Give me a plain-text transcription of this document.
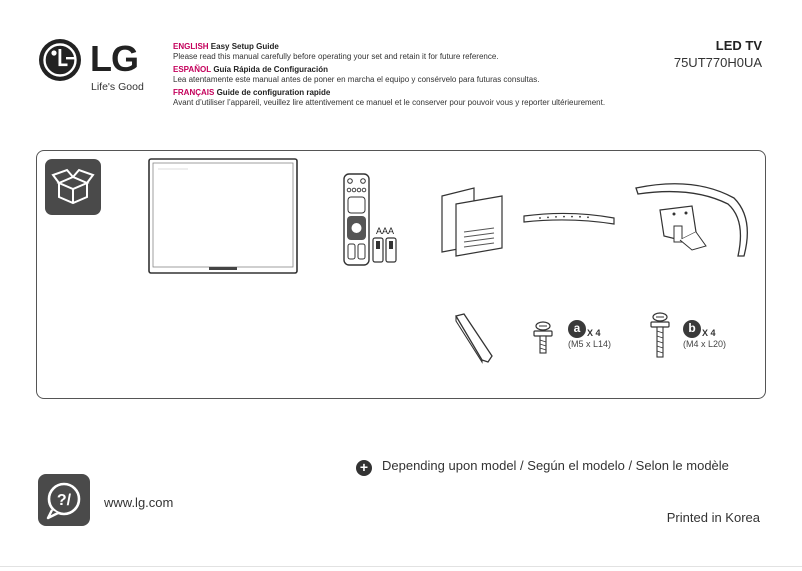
LG
Life's Good
ENGLISH Easy Setup Guide
Please read this manual carefully before operating your set and retain it for future reference.
ESPAÑOL Guía Rápida de Configuración
Lea atentamente este manual antes de poner en marcha el equipo y consérvelo para futuras consultas.
FRANÇAIS Guide de configuration rapide
Avant d’utiliser l’appareil, veuillez lire attentivement ce manuel et le conserver pour pouvoir vous y reporter ultérieurement.
LED TV
75UT770H0UA
AAA
a X 4
(M5 x L14)
b X 4
(M4 x L20)
+ Depending upon model / Según el modelo / Selon le modèle
?/	www.lg.com
Printed in Korea
